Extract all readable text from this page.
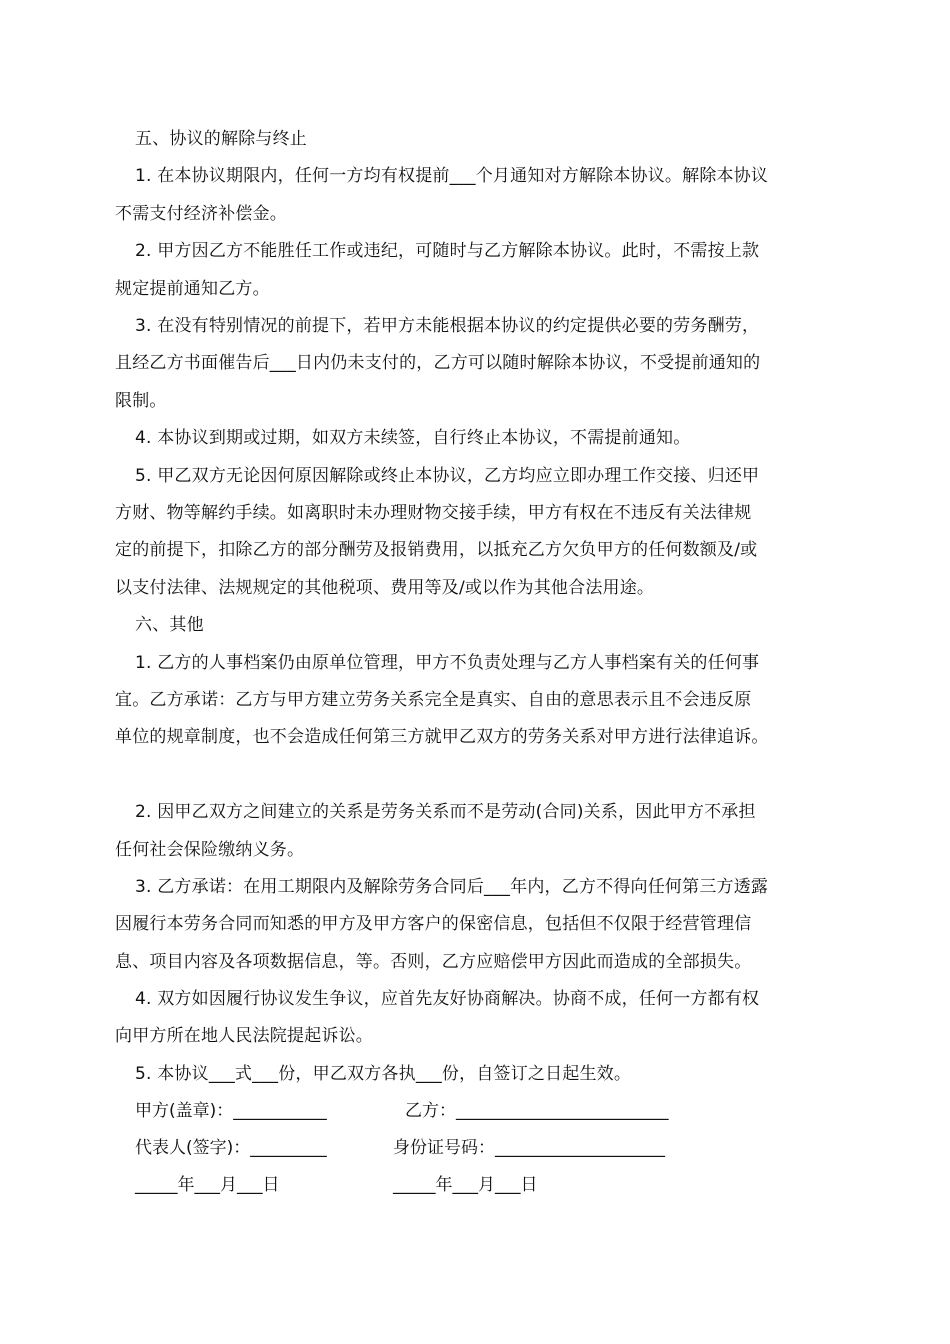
五、协议的解除与终止
1. 在本协议期限内，任何一方均有权提前___个月通知对方解除本协议。解除本协议
不需支付经济补偿金。
2. 甲方因乙方不能胜任工作或违纪，可随时与乙方解除本协议。此时，不需按上款
规定提前通知乙方。
3. 在没有特别情况的前提下，若甲方未能根据本协议的约定提供必要的劳务酬劳，
且经乙方书面催告后___日内仍未支付的，乙方可以随时解除本协议，不受提前通知的
限制。
4. 本协议到期或过期，如双方未续签，自行终止本协议，不需提前通知。
5. 甲乙双方无论因何原因解除或终止本协议，乙方均应立即办理工作交接、归还甲
方财、物等解约手续。如离职时未办理财物交接手续，甲方有权在不违反有关法律规
定的前提下，扣除乙方的部分酬劳及报销费用，以抵充乙方欠负甲方的任何数额及/或
以支付法律、法规规定的其他税项、费用等及/或以作为其他合法用途。
六、其他
1. 乙方的人事档案仍由原单位管理，甲方不负责处理与乙方人事档案有关的任何事
宜。乙方承诺：乙方与甲方建立劳务关系完全是真实、自由的意思表示且不会违反原
单位的规章制度，也不会造成任何第三方就甲乙双方的劳务关系对甲方进行法律追诉。
2. 因甲乙双方之间建立的关系是劳务关系而不是劳动(合同)关系，因此甲方不承担
任何社会保险缴纳义务。
3. 乙方承诺：在用工期限内及解除劳务合同后___年内，乙方不得向任何第三方透露
因履行本劳务合同而知悉的甲方及甲方客户的保密信息，包括但不仅限于经营管理信
息、项目内容及各项数据信息，等。否则，乙方应赔偿甲方因此而造成的全部损失。
4. 双方如因履行协议发生争议，应首先友好协商解决。协商不成，任何一方都有权
向甲方所在地人民法院提起诉讼。
5. 本协议___式___份，甲乙双方各执___份，自签订之日起生效。
甲方(盖章)：___________	乙方：_________________________
代表人(签字)：_________	身份证号码：____________________
_____年___月___日	_____年___月___日
